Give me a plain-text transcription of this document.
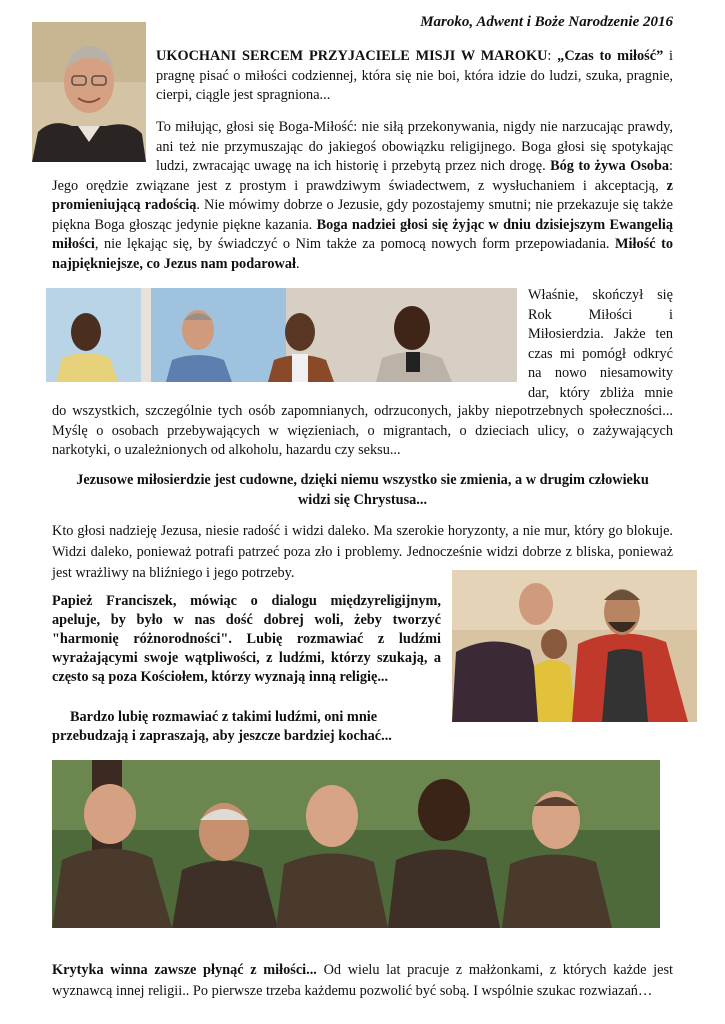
Maroko, Adwent i Boże Narodzenie 2016

UKOCHANI SERCEM PRZYJACIELE MISJI W MAROKU: „Czas to miłość” i pragnę pisać o miłości codziennej, która się nie boi, która idzie do ludzi, szuka, pragnie, cierpi, ciągle jest spragniona...

To miłując, głosi się Boga-Miłość: nie siłą przekonywania, nigdy nie narzucając prawdy, ani też nie przymuszając do jakiegoś obowiązku religijnego. Boga głosi się spotykając ludzi, zwracając uwagę na ich historię i przebytą przez nich drogę. Bóg to żywa Osoba: Jego orędzie związane jest z prostym i prawdziwym świadectwem, z wysłuchaniem i akceptacją, z promieniującą radością. Nie mówimy dobrze o Jezusie, gdy pozostajemy smutni; nie przekazuje się także piękna Boga głosząc jedynie piękne kazania. Boga nadziei głosi się żyjąc w dniu dzisiejszym Ewangelią miłości, nie lękając się, by świadczyć o Nim także za pomocą nowych form przepowiadania. Miłość to najpiękniejsze, co Jezus nam podarował.

Właśnie, skończył się
Rok Miłości i
Miłosierdzia. Jakże ten
czas mi pomógł odkryć
na nowo niesamowity
dar, który zbliża mnie

do wszystkich, szczególnie tych osób zapomnianych, odrzuconych, jakby niepotrzebnych społeczności... Myślę o osobach przebywających w więzieniach, o migrantach, o dzieciach ulicy, o zażywających narkotyki, o uzależnionych od alkoholu, hazardu czy seksu...

Jezusowe miłosierdzie jest cudowne, dzięki niemu wszystko sie zmienia, a w drugim człowieku
widzi się Chrystusa...

Kto głosi nadzieję Jezusa, niesie radość i widzi daleko. Ma szerokie horyzonty, a nie mur, który go blokuje. Widzi daleko, ponieważ potrafi patrzeć poza zło i problemy. Jednocześnie widzi dobrze z bliska, ponieważ jest wrażliwy na bliźniego i jego potrzeby.

Papież Franciszek, mówiąc o dialogu międzyreligijnym, apeluje, by było w nas dość dobrej woli, żeby tworzyć "harmonię różnorodności". Lubię rozmawiać z ludźmi wyrażającymi swoje wątpliwości, z ludźmi, którzy szukają, a często są poza Kościołem, którzy wyznają inną religię...

Bardzo lubię rozmawiać z takimi ludźmi, oni mnie
przebudzają i zapraszają, aby jeszcze bardziej kochać...

Krytyka winna zawsze płynąć z miłości... Od wielu lat pracuje z małżonkami, z których każde jest wyznawcą innej religii.. Po pierwsze trzeba każdemu pozwolić być sobą. I wspólnie szukac rozwiazań…
